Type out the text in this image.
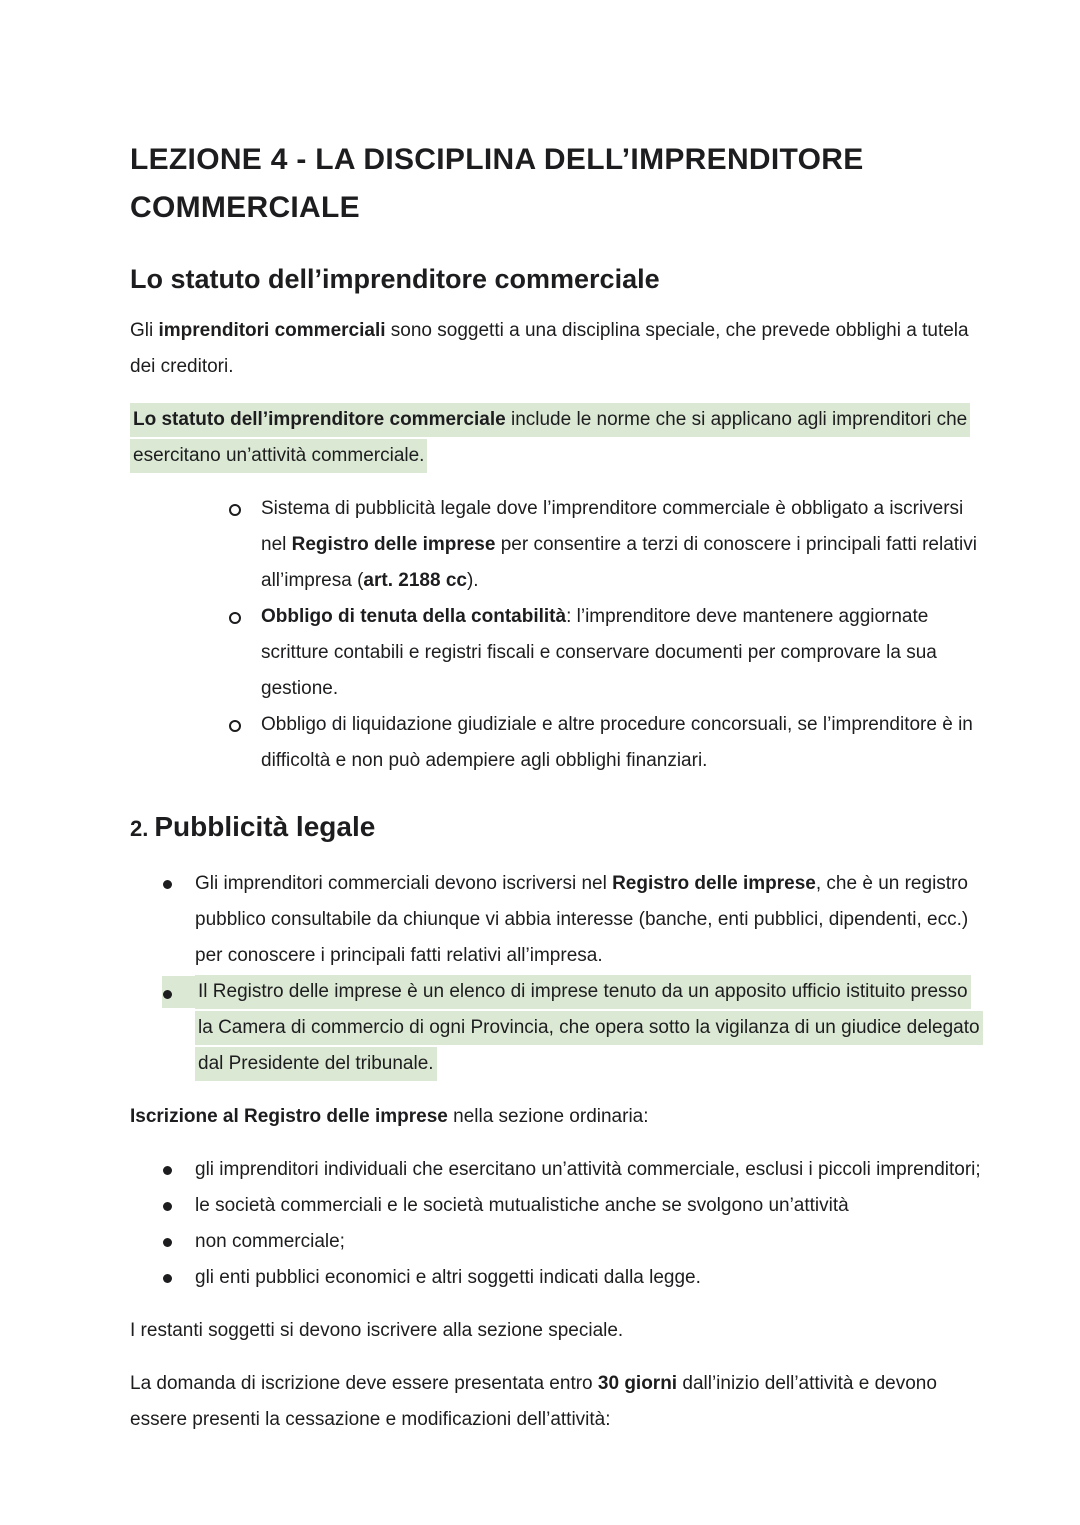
LEZIONE 4 - LA DISCIPLINA DELL’IMPRENDITORE COMMERCIALE
Lo statuto dell’imprenditore commerciale

Gli imprenditori commerciali sono soggetti a una disciplina speciale, che prevede obblighi a tutela dei creditori.

Lo statuto dell’imprenditore commerciale include le norme che si applicano agli imprenditori che esercitano un’attività commerciale.

Sistema di pubblicità legale dove l’imprenditore commerciale è obbligato a iscriversi nel Registro delle imprese per consentire a terzi di conoscere i principali fatti relativi all’impresa (art. 2188 cc).
Obbligo di tenuta della contabilità: l’imprenditore deve mantenere aggiornate scritture contabili e registri fiscali e conservare documenti per comprovare la sua gestione.
Obbligo di liquidazione giudiziale e altre procedure concorsuali, se l’imprenditore è in difficoltà e non può adempiere agli obblighi finanziari.
2. Pubblicità legale
Gli imprenditori commerciali devono iscriversi nel Registro delle imprese, che è un registro pubblico consultabile da chiunque vi abbia interesse (banche, enti pubblici, dipendenti, ecc.) per conoscere i principali fatti relativi all’impresa.
Il Registro delle imprese è un elenco di imprese tenuto da un apposito ufficio istituito presso la Camera di commercio di ogni Provincia, che opera sotto la vigilanza di un giudice delegato dal Presidente del tribunale.

Iscrizione al Registro delle imprese nella sezione ordinaria:

gli imprenditori individuali che esercitano un’attività commerciale, esclusi i piccoli imprenditori;
le società commerciali e le società mutualistiche anche se svolgono un’attività
non commerciale;
gli enti pubblici economici e altri soggetti indicati dalla legge.

I restanti soggetti si devono iscrivere alla sezione speciale.

La domanda di iscrizione deve essere presentata entro 30 giorni dall’inizio dell’attività e devono essere presenti la cessazione e modificazioni dell’attività:
